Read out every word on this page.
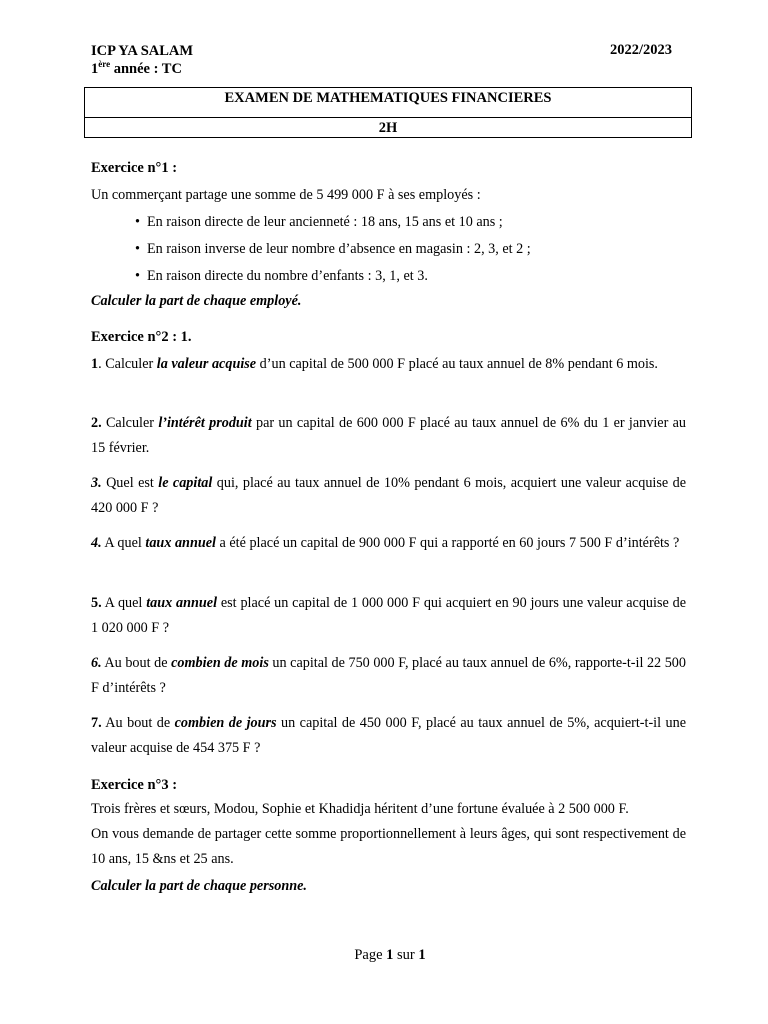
ICP YA SALAM
1ère année : TC
2022/2023
EXAMEN DE MATHEMATIQUES FINANCIERES
2H
Exercice n°1 :
Un commerçant partage une somme de 5 499 000 F à ses employés :
• En raison directe de leur ancienneté : 18 ans, 15 ans et 10 ans ;
• En raison inverse de leur nombre d’absence en magasin : 2, 3, et 2 ;
• En raison directe du nombre d’enfants : 3, 1, et 3.
Calculer la part de chaque employé.
Exercice n°2 : 1.
1. Calculer la valeur acquise d’un capital de 500 000 F placé au taux annuel de 8% pendant 6 mois.
2. Calculer l’intérêt produit par un capital de 600 000 F placé au taux annuel de 6% du 1 er janvier au 15 février.
3. Quel est le capital qui, placé au taux annuel de 10% pendant 6 mois, acquiert une valeur acquise de 420 000 F ?
4. A quel taux annuel a été placé un capital de 900 000 F qui a rapporté en 60 jours 7 500 F d’intérêts ?
5. A quel taux annuel est placé un capital de 1 000 000 F qui acquiert en 90 jours une valeur acquise de 1 020 000 F ?
6. Au bout de combien de mois un capital de 750 000 F, placé au taux annuel de 6%, rapporte-t-il 22 500 F d’intérêts ?
7. Au bout de combien de jours un capital de 450 000 F, placé au taux annuel de 5%, acquiert-t-il une valeur acquise de 454 375 F ?
Exercice n°3 :
Trois frères et sœurs, Modou, Sophie et Khadidja héritent d’une fortune évaluée à 2 500 000 F.
On vous demande de partager cette somme proportionnellement à leurs âges, qui sont respectivement de 10 ans, 15 &ns et 25 ans.
Calculer la part de chaque personne.
Page 1 sur 1
